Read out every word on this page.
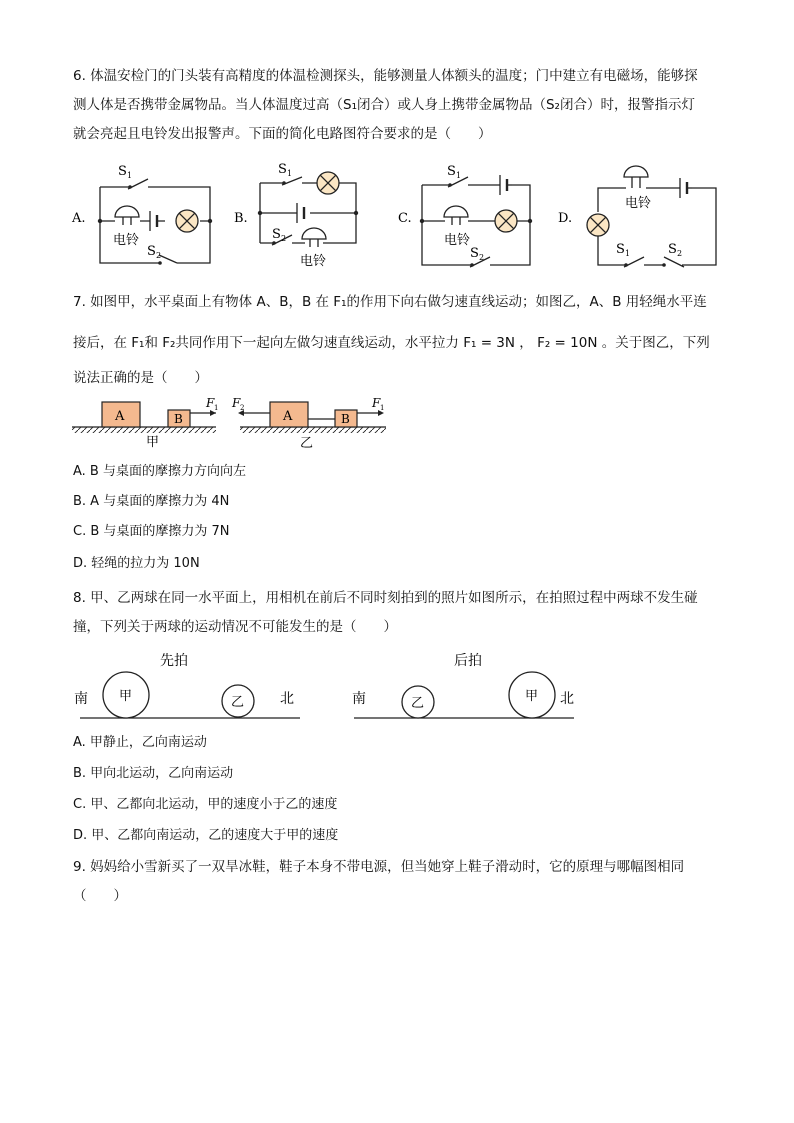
6. 体温安检门的门头装有高精度的体温检测探头，能够测量人体额头的温度；门中建立有电磁场，能够探
测人体是否携带金属物品。当人体温度过高（S₁闭合）或人身上携带金属物品（S₂闭合）时，报警指示灯
就会亮起且电铃发出报警声。下面的简化电路图符合要求的是（　　）
A.
S 1
电铃
S 2
B.
S 1
S 2
电铃
C.
S 1
电铃
S 2
D.
电铃
S 1	S 2
7. 如图甲，水平桌面上有物体 A、B，B 在 F₁的作用下向右做匀速直线运动；如图乙，A、B 用轻绳水平连
接后，在 F₁和 F₂共同作用下一起向左做匀速直线运动，水平拉力 F₁ = 3N ， F₂ = 10N 。关于图乙，下列
说法正确的是（　　）
A	B
F 1
甲
F 2
A	B
F 1
乙
A. B 与桌面的摩擦力方向向左
B. A 与桌面的摩擦力为 4N
C. B 与桌面的摩擦力为 7N
D. 轻绳的拉力为 10N
8. 甲、乙两球在同一水平面上，用相机在前后不同时刻拍到的照片如图所示，在拍照过程中两球不发生碰
撞，下列关于两球的运动情况不可能发生的是（　　）
先拍
南	北
甲	乙
后拍
南	北
乙	甲
A. 甲静止，乙向南运动
B. 甲向北运动，乙向南运动
C. 甲、乙都向北运动，甲的速度小于乙的速度
D. 甲、乙都向南运动，乙的速度大于甲的速度
9. 妈妈给小雪新买了一双旱冰鞋，鞋子本身不带电源，但当她穿上鞋子滑动时，它的原理与哪幅图相同
（　　）
